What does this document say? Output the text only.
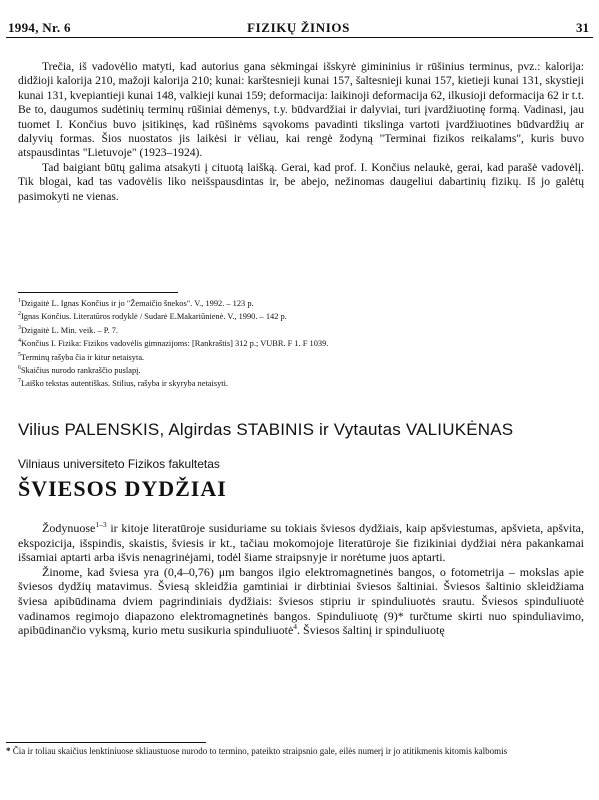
1994, Nr. 6	FIZIKŲ ŽINIOS	31

Trečia, iš vadovėlio matyti, kad autorius gana sėkmingai išskyrė gimininius ir rūšinius terminus, pvz.: kalorija: didžioji kalorija 210, mažoji kalorija 210; kunai: karštesnieji kunai 157, šaltesnieji kunai 157, kietieji kunai 131, skystieji kunai 131, kvepiantieji kunai 148, valkieji kunai 159; deformacija: laikinoji deformacija 62, ilkusioji deformacija 62 ir t.t. Be to, daugumos sudėtinių terminų rūšiniai dėmenys, t.y. būdvardžiai ir dalyviai, turi įvardžiuotinę formą. Vadinasi, jau tuomet I. Končius buvo įsitikinęs, kad rūšinėms sąvokoms pavadinti tikslinga vartoti įvardžiuotines būdvardžių ar dalyvių formas. Šios nuostatos jis laikėsi ir vėliau, kai rengė žodyną "Terminai fizikos reikalams", kuris buvo atspausdintas "Lietuvoje" (1923–1924).

Tad baigiant būtų galima atsakyti į cituotą laišką. Gerai, kad prof. I. Končius nelaukė, gerai, kad parašė vadovėlį. Tik blogai, kad tas vadovėlis liko neišspausdintas ir, be abejo, nežinomas daugeliui dabartinių fizikų. Iš jo galėtų pasimokyti ne vienas.

$^1$Dzigaitė L. Ignas Končius ir jo "Žemaičio šnekos". V., 1992. – 123 p.
$^2$Ignas Končius. Literatūros rodyklė / Sudarė E.Makariūnienė. V., 1990. – 142 p.
$^3$Dzigaitė L. Min. veik. – P. 7.
$^4$Končius I. Fizika: Fizikos vadovėlis gimnazijoms: [Rankraštis] 312 p.; VUBR. F 1. F 1039.
$^5$Terminų rašyba čia ir kitur netaisyta.
$^6$Skaičius nurodo rankraščio puslapį.
$^7$Laiško tekstas autentiškas. Stilius, rašyba ir skyryba netaisyti.
Vilius PALENSKIS, Algirdas STABINIS ir Vytautas VALIUKĖNAS
Vilniaus universiteto Fizikos fakultetas
ŠVIESOS DYDŽIAI

Žodynuose$^{1-3}$ ir kitoje literatūroje susiduriame su tokiais šviesos dydžiais, kaip apšviestumas, apšvieta, apšvita, ekspozicija, išspindis, skaistis, šviesis ir kt., tačiau mokomojoje literatūroje šie fizikiniai dydžiai nėra pakankamai išsamiai aptarti arba išvis nenagrinėjami, todėl šiame straipsnyje ir norėtume juos aptarti.

Žinome, kad šviesa yra (0,4–0,76) μm bangos ilgio elektromagnetinės bangos, o fotometrija – mokslas apie šviesos dydžių matavimus. Šviesą skleidžia gamtiniai ir dirbtiniai šviesos šaltiniai. Šviesos šaltinio skleidžiama šviesa apibūdinama dviem pagrindiniais dydžiais: šviesos stipriu ir spinduliuotės srautu. Šviesos spinduliuotė vadinamos regimojo diapazono elektromagnetinės bangos. Spinduliuotę (9)* turčtume skirti nuo spinduliavimo, apibūdinančio vyksmą, kurio metu susikuria spinduliuotė$^4$. Šviesos šaltinį ir spinduliuotę

* Čia ir toliau skaičius lenktiniuose skliaustuose nurodo to termino, pateikto straipsnio gale, eilės numerį ir jo atitikmenis kitomis kalbomis
